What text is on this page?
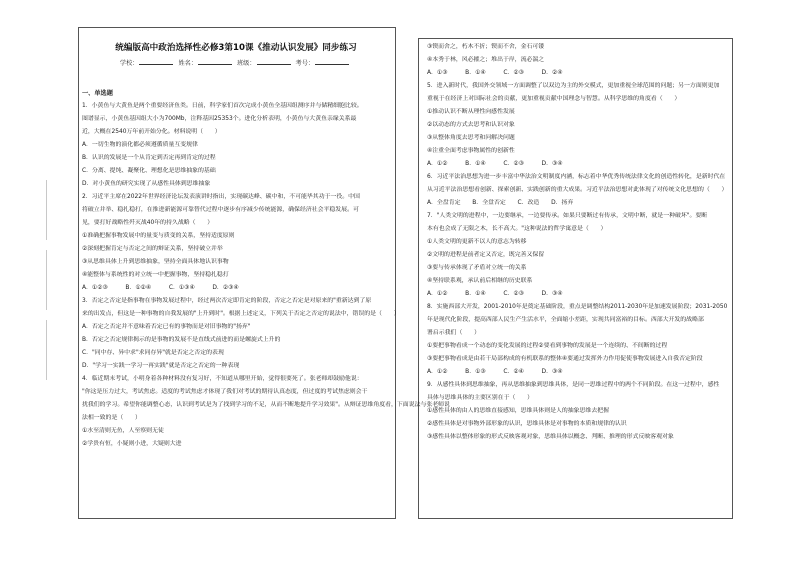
统编版高中政治选择性必修3第10课《推动认识发展》同步练习
学校：	姓名：	班级：	考号：
一、单选题
1．小黄鱼与大黄鱼是两个重要经济鱼类。日前，科学家们首次完成小黄鱼全基因组测序并与储精细胞比较。
图谱显示，小黄鱼基因组大小为700Mb，注释基因25353个。进化分析表明，小黄鱼与大黄鱼亲缘关系最
近，大概在2540万年前开始分化。材料说明（　　）
A．一切生物的演化都必须遵循质量互变规律
B．认识的发展是一个从肯定到否定再到肯定的过程
C．分离、提纯、凝聚化、理想化是思维抽象的基础
D．对小黄鱼的研究实现了从感性具体到思维抽象
2．习近平主席在2022年世界经济论坛发表演讲时指出，实现碳达峰、碳中和，不可能毕其功于一役。中国
将破立并举、稳扎稳打，在推进新能源可靠替代过程中逐步有序减少传统能源，确保经济社会平稳发展。可
见，要打好战略性歼灭战40年的持久战略（　　）
①准确把握事物发展中的量变与质变的关系，坚持适度原则
②深刻把握肯定与否定之间的辩证关系，坚持破立并举
③从思维具体上升到思维抽象，坚持全面具体地认识事物
④能整体与系统性的对立统一中把握事物，坚持稳扎稳打
A．①②③　　　B．①②④　　　C．①③④　　　D．②③④
3．否定之否定是指事物在事物发展过程中，经过两次否定即肯定的阶段，否定之否定是对原来的"重新达到了原
来的出发点，但这是一种事物的自我发展的"上升到时"。根据上述定义，下列关于否定之否定的说法中，错误的是（　　）
A．否定之否定并不意味着否定已有的事物而是对旧事物的"扬弃"
B．否定之否定规律揭示的是事物的发展不是直线式前进的而是螺旋式上升的
C．"同中存、异中求"求同存异"就是否定之否定的表现
D．"学习一实践一学习一再实践"就是否定之否定的一种表现
4．临近期末考试，小明身着各种材料没有复习好，不知道从哪里开始，觉得很要死了。张老师却鼓励他说：
"你这是压力过大，考试焦虑。适度的考试焦虑才体现了我们对考试的期待认真态度，但过度的考试焦虑则会干
扰我们的学习。希望你能调整心态，认识到考试是为了找到学习的不足，从而不断地提升学习效果"。从辩证思维角度看，下面说法与张老师说
法相一致的是（　　）
①水至清则无鱼，人至察则无徒
②学贵有恒，小疑则小进，大疑则大进
③锲而舍之，朽木不折；锲而不舍，金石可镂
④本秀于林，风必摧之；堆出于岸，流必湍之
A．①③　　　B．①④　　　C．②③　　　D．②④
5．进入新时代，我国外交领域一方面调整了以双边为主的外交模式，更加重视全球范围的问题；另一方面则更加
重视于在经济上对国际社会的贡献，更加重视贡献中国理念与智慧。从科学思维的角度看（　　）
①推动认识不断从理性向感性发展
②以动态的方式去思考和认识对象
③从整体角度去思考和问解决问题
④注重全面考虑事物属性的创新性
A．①②　　　B．①④　　　C．②③　　　D．③④
6．习近平法治思想为进一步丰富中华法治文明制度内涵，标志着中华优秀传统法律文化的创造性转化，是新时代在
从习近平法治思想看创新、探索创新、实践创新的重大成果。习近平法治思想对此体现了对传统文化思想的（　　）
A．全盘肯定　　B．全盘否定　　C．改造　　D．扬弃
7．"人类文明的进程中，一边要继承，一边要传承。如果只要断过有传承，文明中断，就是一种破坏"。要断
本有也会成了无限之木，长不高大。"这种说法的哲学寓意是（　　）
①人类文明的更新不以人的意志为转移
②文明的进程是前者定又否定，既完善又保留
③要与传承体现了矛盾对立统一的关系
④坚持联系观，承认前后相继的历史联系
A．①②　　　B．①④　　　C．②③　　　D．③④
8．实施西部大开发，2001-2010年是奠定基础阶段，重点是调整结构2011-2030年是加速发展阶段；2031-2050
年是现代化阶段，提高西部人民生产生活水平，全面缩小差距，实现共同富裕的目标。西部大开发的战略部
署启示我们（　　）
①要把事物看成一个动态的变化发展的过程②要看到事物的发展是一个连续的、不间断的过程
③要把事物看成是由若干局部构成的有机联系的整体④要通过发挥外力作用促使事物发展进入自我否定阶段
A．①②　　　B．①③　　　C．②④　　　D．③④
9．从感性具体到思维抽象，再从思维抽象到思维具体，是同一思维过程中的两个不同阶段。在这一过程中，感性
具体与思维具体的主要区别在于（　　）
①感性具体的由人的思维直接感知，思维具体则是人的抽象思维去把握
②感性具体是对事物外部形象的认识，思维具体是对事物的本质和规律的认识
③感性具体以整体形象的形式反映客观对象，思维具体以概念、判断、推理的形式反映客观对象
